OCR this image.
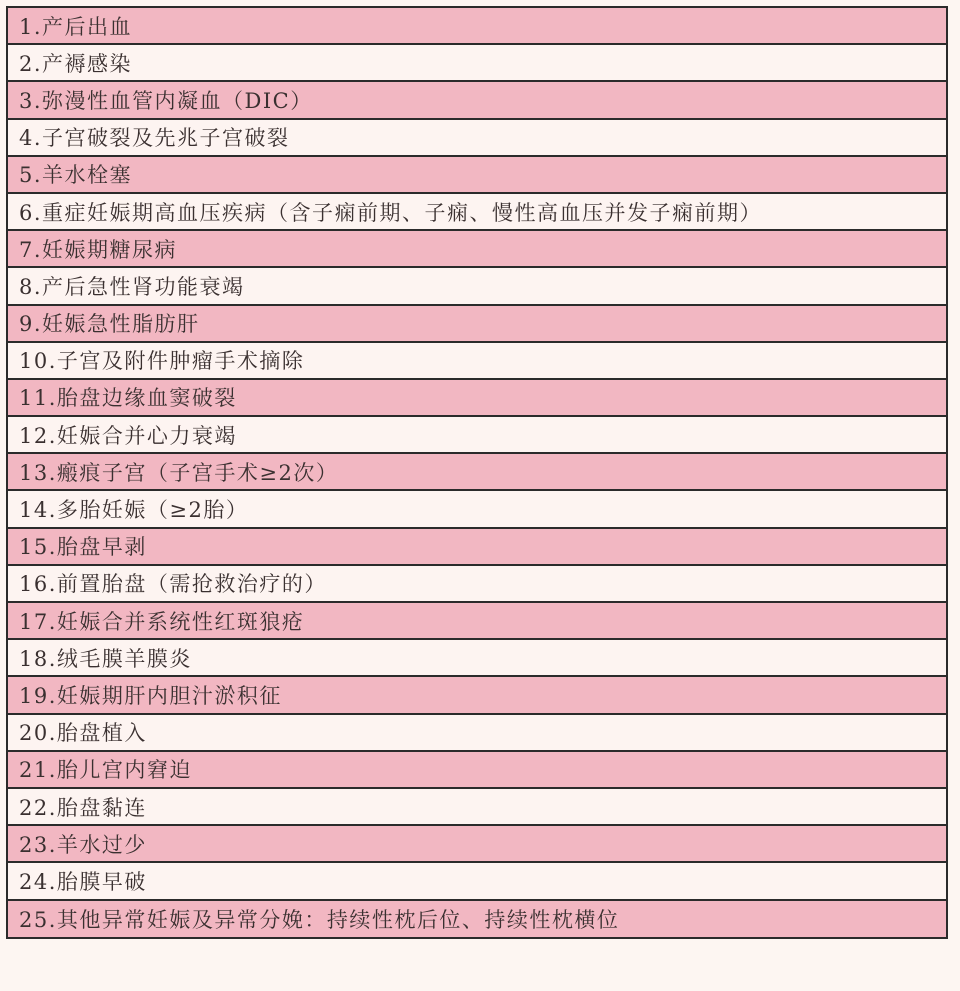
1.产后出血
2.产褥感染
3.弥漫性血管内凝血（DIC）
4.子宫破裂及先兆子宫破裂
5.羊水栓塞
6.重症妊娠期高血压疾病（含子痫前期、子痫、慢性高血压并发子痫前期）
7.妊娠期糖尿病
8.产后急性肾功能衰竭
9.妊娠急性脂肪肝
10.子宫及附件肿瘤手术摘除
11.胎盘边缘血窦破裂
12.妊娠合并心力衰竭
13.瘢痕子宫（子宫手术≥2次）
14.多胎妊娠（≥2胎）
15.胎盘早剥
16.前置胎盘（需抢救治疗的）
17.妊娠合并系统性红斑狼疮
18.绒毛膜羊膜炎
19.妊娠期肝内胆汁淤积征
20.胎盘植入
21.胎儿宫内窘迫
22.胎盘黏连
23.羊水过少
24.胎膜早破
25.其他异常妊娠及异常分娩：持续性枕后位、持续性枕横位
